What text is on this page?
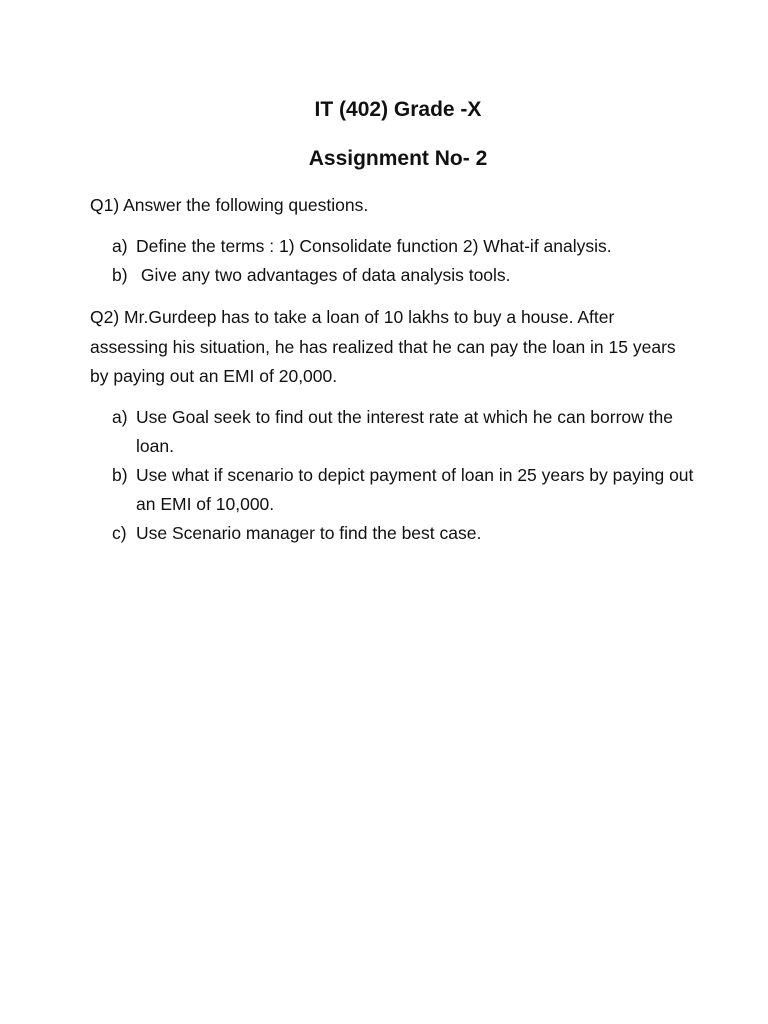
IT (402) Grade -X
Assignment No- 2
Q1) Answer the following questions.
a) Define the terms : 1) Consolidate function 2) What-if analysis.
b) Give any two advantages of data analysis tools.
Q2) Mr.Gurdeep has to take a loan of 10 lakhs to buy a house. After assessing his situation, he has realized that he can pay the loan in 15 years by paying out an EMI of 20,000.
a) Use Goal seek to find out the interest rate at which he can borrow the loan.
b) Use what if scenario to depict payment of loan in 25 years by paying out an EMI of 10,000.
c) Use Scenario manager to find the best case.
